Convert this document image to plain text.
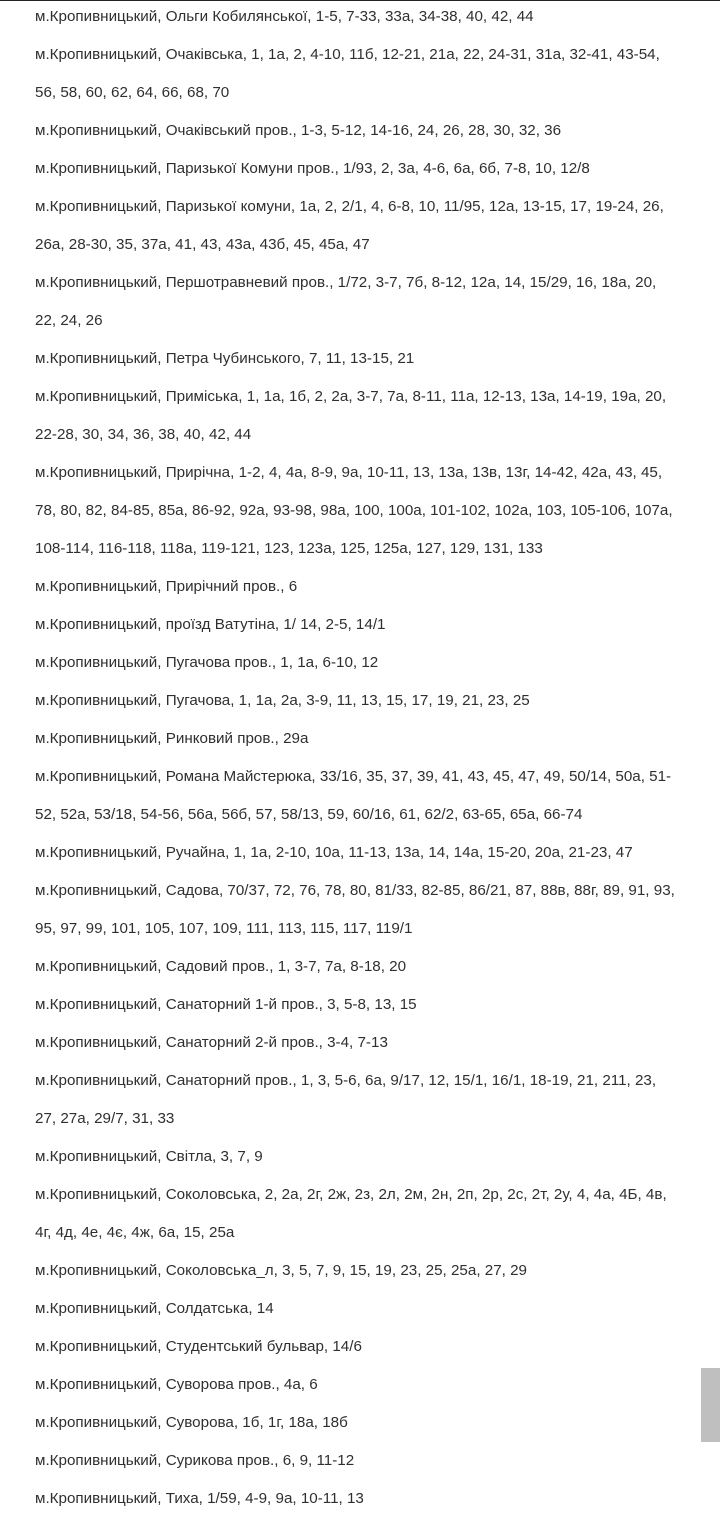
м.Кропивницький, Ольги Кобилянської, 1-5, 7-33, 33а, 34-38, 40, 42, 44
м.Кропивницький, Очаківська, 1, 1а, 2, 4-10, 11б, 12-21, 21а, 22, 24-31, 31а, 32-41, 43-54, 56, 58, 60, 62, 64, 66, 68, 70
м.Кропивницький, Очаківський пров., 1-3, 5-12, 14-16, 24, 26, 28, 30, 32, 36
м.Кропивницький, Паризької Комуни пров., 1/93, 2, 3а, 4-6, 6а, 6б, 7-8, 10, 12/8
м.Кропивницький, Паризької комуни, 1а, 2, 2/1, 4, 6-8, 10, 11/95, 12а, 13-15, 17, 19-24, 26, 26а, 28-30, 35, 37а, 41, 43, 43а, 43б, 45, 45а, 47
м.Кропивницький, Першотравневий пров., 1/72, 3-7, 7б, 8-12, 12а, 14, 15/29, 16, 18а, 20, 22, 24, 26
м.Кропивницький, Петра Чубинського, 7, 11, 13-15, 21
м.Кропивницький, Приміська, 1, 1а, 1б, 2, 2а, 3-7, 7а, 8-11, 11а, 12-13, 13а, 14-19, 19а, 20, 22-28, 30, 34, 36, 38, 40, 42, 44
м.Кропивницький, Прирічна, 1-2, 4, 4а, 8-9, 9а, 10-11, 13, 13а, 13в, 13г, 14-42, 42а, 43, 45, 78, 80, 82, 84-85, 85а, 86-92, 92а, 93-98, 98а, 100, 100а, 101-102, 102а, 103, 105-106, 107а, 108-114, 116-118, 118а, 119-121, 123, 123а, 125, 125а, 127, 129, 131, 133
м.Кропивницький, Прирічний пров., 6
м.Кропивницький, проїзд Ватутіна, 1/ 14, 2-5, 14/1
м.Кропивницький, Пугачова пров., 1, 1а, 6-10, 12
м.Кропивницький, Пугачова, 1, 1а, 2а, 3-9, 11, 13, 15, 17, 19, 21, 23, 25
м.Кропивницький, Ринковий пров., 29а
м.Кропивницький, Романа Майстерюка, 33/16, 35, 37, 39, 41, 43, 45, 47, 49, 50/14, 50а, 51-52, 52а, 53/18, 54-56, 56а, 56б, 57, 58/13, 59, 60/16, 61, 62/2, 63-65, 65а, 66-74
м.Кропивницький, Ручайна, 1, 1а, 2-10, 10а, 11-13, 13а, 14, 14а, 15-20, 20а, 21-23, 47
м.Кропивницький, Садова, 70/37, 72, 76, 78, 80, 81/33, 82-85, 86/21, 87, 88в, 88г, 89, 91, 93, 95, 97, 99, 101, 105, 107, 109, 111, 113, 115, 117, 119/1
м.Кропивницький, Садовий пров., 1, 3-7, 7а, 8-18, 20
м.Кропивницький, Санаторний 1-й пров., 3, 5-8, 13, 15
м.Кропивницький, Санаторний 2-й пров., 3-4, 7-13
м.Кропивницький, Санаторний пров., 1, 3, 5-6, 6а, 9/17, 12, 15/1, 16/1, 18-19, 21, 211, 23, 27, 27а, 29/7, 31, 33
м.Кропивницький, Світла, 3, 7, 9
м.Кропивницький, Соколовська, 2, 2а, 2г, 2ж, 2з, 2л, 2м, 2н, 2п, 2р, 2с, 2т, 2у, 4, 4а, 4Б, 4в, 4г, 4д, 4е, 4є, 4ж, 6а, 15, 25а
м.Кропивницький, Соколовська_л, 3, 5, 7, 9, 15, 19, 23, 25, 25а, 27, 29
м.Кропивницький, Солдатська, 14
м.Кропивницький, Студентський бульвар, 14/6
м.Кропивницький, Суворова пров., 4а, 6
м.Кропивницький, Суворова, 1б, 1г, 18а, 18б
м.Кропивницький, Сурикова пров., 6, 9, 11-12
м.Кропивницький, Тиха, 1/59, 4-9, 9а, 10-11, 13
